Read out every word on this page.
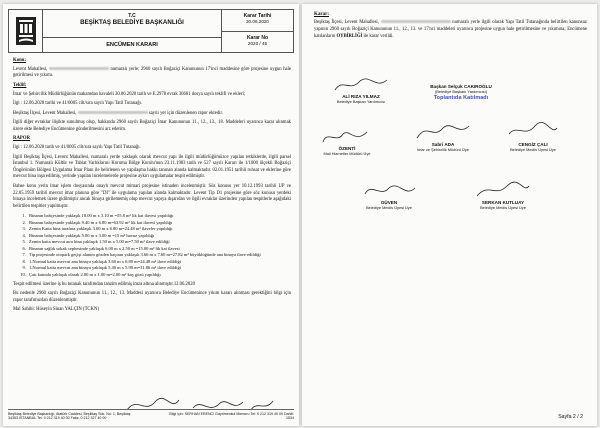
T.C
BEŞİKTAŞ BELEDİYE BAŞKANLIĞI
ENCÜMEN KARARI
Karar Tarihi
30.06.2020
Karar No
2020 / 45
Konu:

Levent Mahallesi,	numaralı yerle; 2960 sayılı Boğaziçi Kanununun 17'inci maddesine göre projesine uygun hale getirilmesi ve yıkımı.

Teklif:

İmar ve Şehircilik Müdürlüğünün makamdan havaleli 30.06.2020 tarih ve E.2978 evrak 36681 dosya sayılı teklifi ve ekleri;

İlgi : 12.06.2020 tarihi ve 41/0005 cilt/sıra sayılı Yapı Tatil Tutanağı.

Beşiktaş İlçesi, Levent Mahallesi,	sayılı yer için düzenlenen rapor ektedir.

İlgili diğer evraklar ilişikte sunulmuş olup, hakkında 2960 sayılı Boğaziçi İmar Kanununun 11., 12., 13., 18. Maddeleri uyarınca karar alınmak üzere ekte Belediye Encümenine gönderilmesini arz ederim.

RAPOR

İlgi : 12.06.2020 tarih ve 41/0005 cilt/sıra sayılı Yapı Tatil Tutanağı.

İlgili Beşiktaş İlçesi, Levent Mahallesi, numaralı yerde yaklaşık olarak mevcut yapı ile ilgili müdürlüğümüzce yapılan tetkiklerde, ilgili parsel İstanbul 1. Numaralı Kültür ve Tabiat Varlıklarını Koruma Bölge Kurulu'nun 23.11.1983 tarih ve 527 sayılı Kararı ile 1/1000 ölçekli Boğaziçi Öngörünüm Bölgesi Uygulama İmar Planı ile belirlenen ve yapılaşma hakkı tanınan alanda kalmaktadır. 02.01.1951 tarihli ruhsat ve eklerine göre mevcut bina inşa edilmiş, yerinde yapılan incelemelerde projesine aykırı uygulamalar tespit edilmiştir.

Bahse konu yerin imar işlem dosyasında onaylı mevcut mimari projesine istinaden incelenmiştir. Söz konusu yer 10.12.1993 tarihli UP ve 22.05.1959 tarihli mevcut imar planına göre "DI" ile uygulama yapılan alanda kalmaktadır. Levent Tip D1 projesine göre söz konusu yerdeki binaya incelemek üzere gidilmiştir ancak binaya girilememiş olup mevcut yapıya dışarıdan ve ilgili evraklar üzerinden yapılan tespitlerle aşağıdaki belirtilen tespitler yapılmıştır.

1. Binanın bahçesinde yaklaşık 18.00 m x 3.10 m =55.8 m² lik kat ilavesi yapıldığı
2. Binanın bahçesinde yaklaşık 9.40 m x 6.80 m=63.92 m² lik kat ilavesi yapıldığı
3. Zemin Katta bina tarafına yaklaşık 3.60 m x 6.80 m=24.48 m² ilaveler yapıldığı
4. Binanın bahçesinde yaklaşık 5.00 m x 3.00 m =15 m² havuz yapıldığı
5. Zemin katta mevcut aıra bina yaklaşık 1.50 m x 5.00 m=7.50 m² ilave edildiği
6. Binanın sağlık sokak cephesinde yaklaşık 6.00 m x 2.50 m =15.00 m² lik kat ilavesi
7. Tip projesinde otopark geçişi alanını gözden kaçıran yaklaşık 3.66 m x 7.60 m=27.82 m² büyüklüğünde ana binaya ilave edildiği
8. 1.Normal katta mevcut ana binaya yaklaşık 3.60 m x 6.80 m=24.48 m² ilave edildiği
9. 1.Normal katta mevcut ana binaya yaklaşık 5.40 m x 5.90 m=31.86 m² ilave edildiği
10. Çatı katında yaklaşık olarak 2.00 m x 1.00 m=2.00 m² kuş gözü yapıldığı

Tespit edilmesi üzerine iş bu tutanak tarafımdan tanzim edilmiş imza altına alınmıştır.12.06.2020

Bu nedenle 2960 sayılı Boğaziçi Kanununun 11., 12., 13. Maddesi uyarınca Belediye Encümenince yıkım kararı alınması gerektiğini bilgi için rapor tarafımızdan düzenlenmiştir.

Mal Sahibi: Hüseyin Sinan YALÇIN (TCKN)

Beşiktaş Belediye Başkanlığı, Atatürk Caddesi, Beşiktaş Sok. No: 1, Beşiktaş 34353 İSTANBUL Tel: 0 212 319 40 00 Faks: 0 212 327 40 00
Bilgi için: SERHAN ERENCI Gayrimenkul Memuru Tel: 0 212 319 40 00 Dahili: 1534
Karar:

Beşiktaş İlçesi, Levent Mahallesi,	numaralı yerle ilgili olarak Yapı Tatil Tutanağında belirtilen kanunsuz yapının 2960 sayılı Boğaziçi Kanununun 11., 12., 13. ve 17'nci maddeleri uyarınca projesine uygun hale getirilmesine ve yıkımına; Encümene katılanların OYBİRLİĞİ ile karar verildi.

ALİ RIZA YILMAZ
Belediye Başkan Yardımcısı
Başkan Selçuk CAKIROĞLU
(Belediye Başkanı Yardımcısı)
Toplantıda Katılmadı
ÖZENTİ
Mali Hizmetler Müdürü Üye
Sabri ADA
İmar ve Şehircilik Müdürü Üye
CENGİZ ÇALI
Belediye Meclis Üyesi Üye
GÜVEN
Belediye Meclis Üyesi Üye
SERKAN KUTLUAY
Belediye Meclis Üyesi Üye
Sayfa 2 / 2
